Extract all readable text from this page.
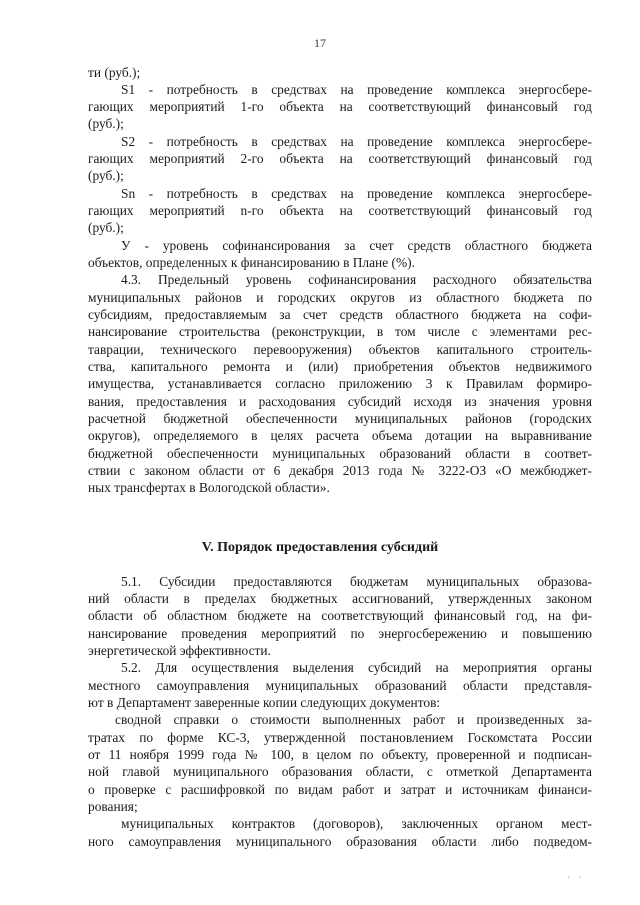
17
ти (руб.);
S1 - потребность в средствах на проведение комплекса энергосбере-
гающих мероприятий 1-го объекта на соответствующий финансовый год
(руб.);
S2 - потребность в средствах на проведение комплекса энергосбере-
гающих мероприятий 2-го объекта на соответствующий финансовый год
(руб.);
Sn - потребность в средствах на проведение комплекса энергосбере-
гающих мероприятий n-го объекта на соответствующий финансовый год
(руб.);
У - уровень софинансирования за счет средств областного бюджета
объектов, определенных к финансированию в Плане (%).
4.3. Предельный уровень софинансирования расходного обязательства
муниципальных районов и городских округов из областного бюджета по
субсидиям, предоставляемым за счет средств областного бюджета на софи-
нансирование строительства (реконструкции, в том числе с элементами рес-
таврации, технического перевооружения) объектов капитального строитель-
ства, капитального ремонта и (или) приобретения объектов недвижимого
имущества, устанавливается согласно приложению 3 к Правилам формиро-
вания, предоставления и расходования субсидий исходя из значения уровня
расчетной бюджетной обеспеченности муниципальных районов (городских
округов), определяемого в целях расчета объема дотации на выравнивание
бюджетной обеспеченности муниципальных образований области в соответ-
ствии с законом области от 6 декабря 2013 года № 3222-ОЗ «О межбюджет-
ных трансфертах в Вологодской области».
V. Порядок предоставления субсидий
5.1. Субсидии предоставляются бюджетам муниципальных образова-
ний области в пределах бюджетных ассигнований, утвержденных законом
области об областном бюджете на соответствующий финансовый год, на фи-
нансирование проведения мероприятий по энергосбережению и повышению
энергетической эффективности.
5.2. Для осуществления выделения субсидий на мероприятия органы
местного самоуправления муниципальных образований области представля-
ют в Департамент заверенные копии следующих документов:
сводной справки о стоимости выполненных работ и произведенных за-
тратах по форме КС-3, утвержденной постановлением Госкомстата России
от 11 ноября 1999 года № 100, в целом по объекту, проверенной и подписан-
ной главой муниципального образования области, с отметкой Департамента
о проверке с расшифровкой по видам работ и затрат и источникам финанси-
рования;
муниципальных контрактов (договоров), заключенных органом мест-
ного самоуправления муниципального образования области либо подведом-
' '
